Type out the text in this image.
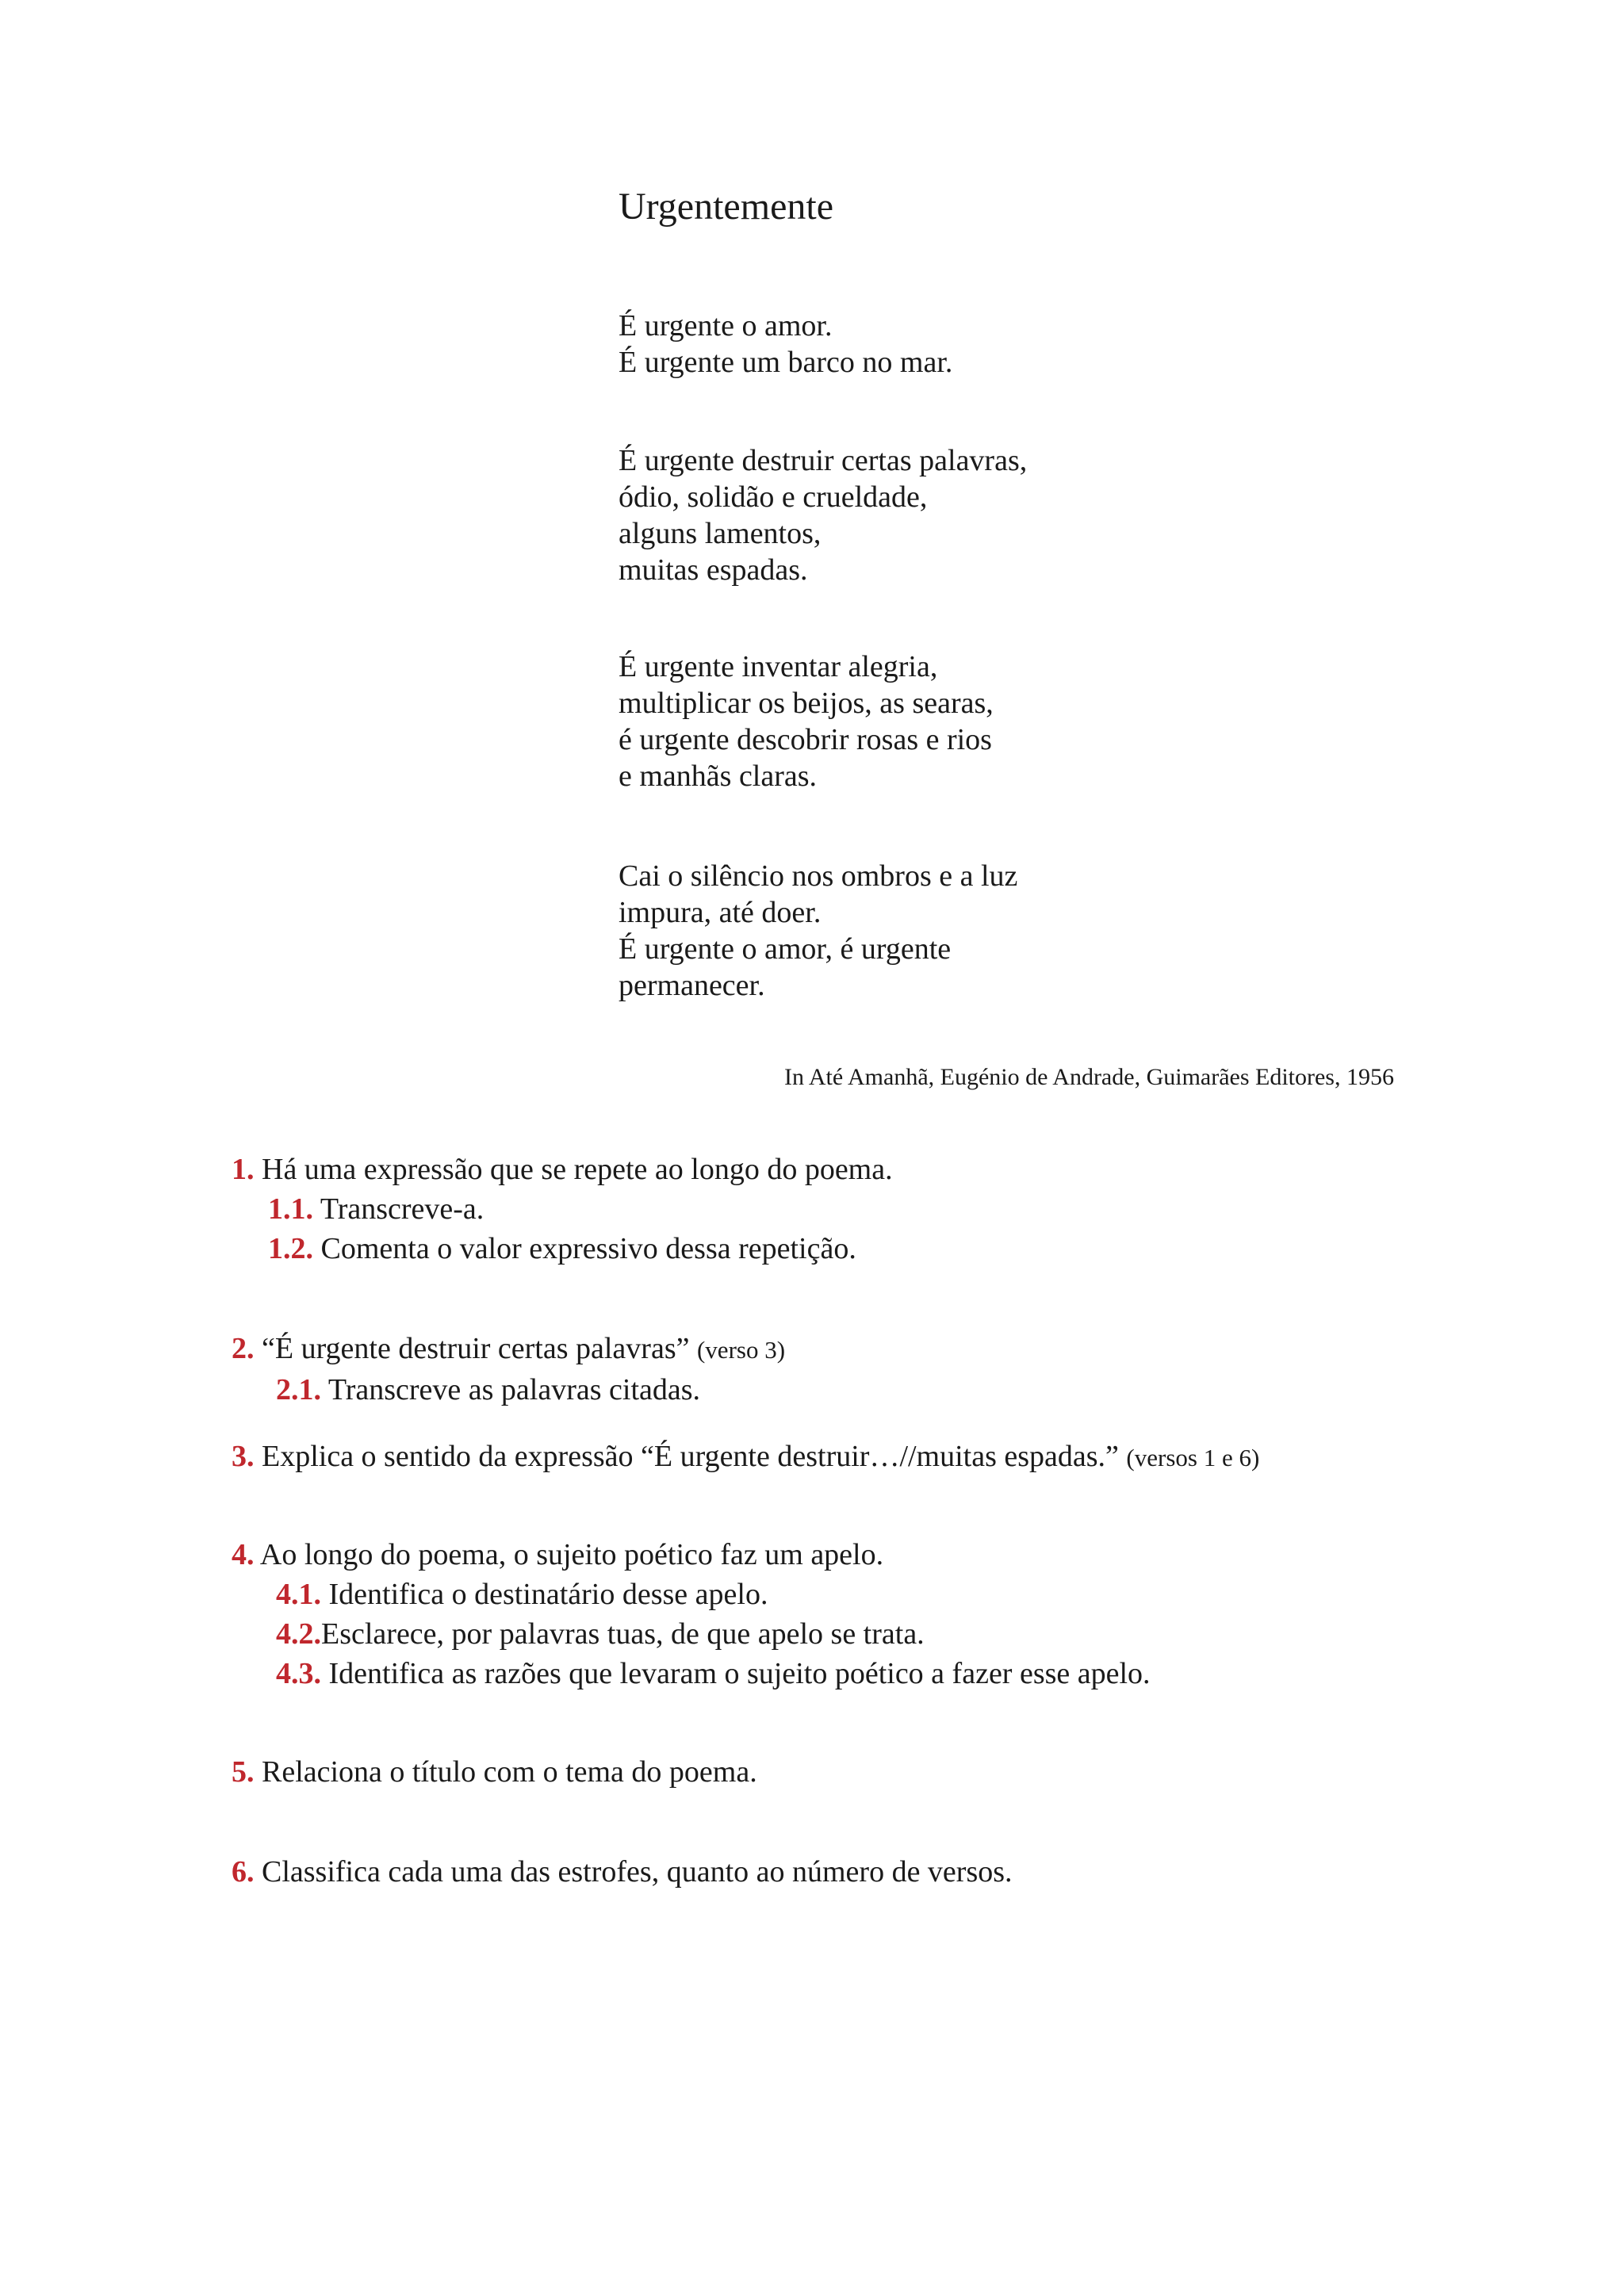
Urgentemente
É urgente o amor.
É urgente um barco no mar.
É urgente destruir certas palavras,
ódio, solidão e crueldade,
alguns lamentos,
muitas espadas.
É urgente inventar alegria,
multiplicar os beijos, as searas,
é urgente descobrir rosas e rios
e manhãs claras.
Cai o silêncio nos ombros e a luz
impura, até doer.
É urgente o amor, é urgente
permanecer.
In Até Amanhã, Eugénio de Andrade, Guimarães Editores, 1956
1. Há uma expressão que se repete ao longo do poema.
1.1. Transcreve-a.
1.2. Comenta o valor expressivo dessa repetição.
2. “É urgente destruir certas palavras” (verso 3)
2.1. Transcreve as palavras citadas.
3. Explica o sentido da expressão “É urgente destruir…//muitas espadas.” (versos 1 e 6)
4. Ao longo do poema, o sujeito poético faz um apelo.
4.1. Identifica o destinatário desse apelo.
4.2.Esclarece, por palavras tuas, de que apelo se trata.
4.3. Identifica as razões que levaram o sujeito poético a fazer esse apelo.
5. Relaciona o título com o tema do poema.
6. Classifica cada uma das estrofes, quanto ao número de versos.
